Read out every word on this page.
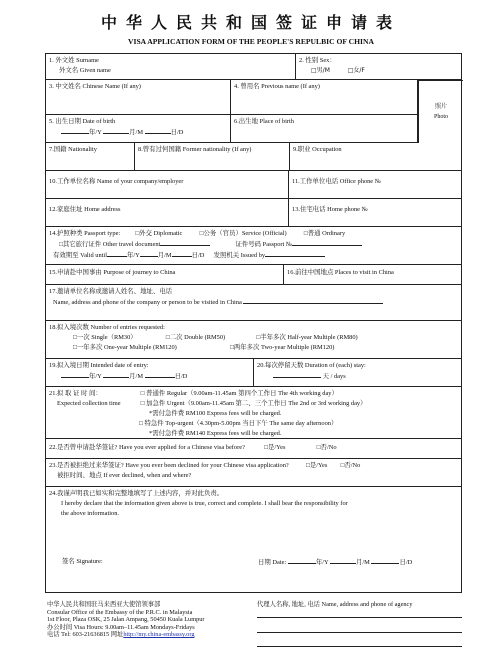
中华人民共和国签证申请表
VISA APPLICATION FORM OF THE PEOPLE'S REPULBIC OF CHINA
1. 外文姓 Surname
外文名 Given name
2. 性别 Sex：
□男/M	□女/F
3. 中文姓名 Chinese Name (If any)	4. 曾用名 Previous name (If any)
5. 出生日期 Date of birth
年/Y	月/M	日/D
6.出生地 Place of birth
照片
Photo
7.国籍 Nationality	8.曾有过何国籍 Former nationality (If any)	9.职业 Occupation
10.工作单位名称 Name of your company/employer	11.工作单位电话 Office phone №
12.家庭住址 Home address	13.住宅电话 Home phone №
14.护照种类 Passport type: □外交 Diplomatic	□公务（官员）Service (Official)	□普通 Ordinary
□其它旅行证件 Other travel document	证件号码 Passport №
有效期至 Valid until	年/Y	月/M	日/D 发照机关 Issued by
15.申请赴中国事由 Purpose of journey to China	16.前往中国地点 Places to visit in China
17.邀请单位名称或邀请人姓名、地址、电话
Name, address and phone of the company or person to be visited in China
18.拟入境次数 Number of entries requested:
□一次 Single（RM30）	□二次 Double (RM50)	□半年多次 Half-year Multiple (RM80)
□一年多次 One-year Multiple (RM120)	□两年多次 Two-year Multiple (RM120)
19.拟入境日期 Intended date of entry:
年/Y	月/M	日/D
20.每次停留天数 Duration of (each) stay:
天 / days
21.拟 取 证 时 间：	□ 普通件 Regular（9.00am-11.45am 第四个工作日 The 4th working day）
Expected collection time	□ 加急件 Urgent（9.00am-11.45am 第二、三个工作日 The 2nd or 3rd working day）
*需付急件费 RM100 Express fees will be charged.
□ 特急件 Top-urgent（4.30pm-5.00pm 当日下午 The same day afternoon）
*需付急件费 RM140 Express fees will be charged.
22.是否曾申请赴华签证? Have you ever applied for a Chinese visa before?	□是/Yes	□否/No
23.是否被拒绝过来华签证? Have you ever been declined for your Chinese visa application?	□是/Yes □否/No
被拒时间、地点 If ever declined, when and where?
24.我谨声明我已如实和完整地填写了上述内容，并对此负责。
I hereby declare that the information given above is true, correct and complete. I shall bear the responsibility for
the above information.
签名 Signature:	日期 Date:	年/Y	月/M	日/D
中华人民共和国驻马来西亚大使馆领事部
Consular Office of the Embassy of the P.R.C. in Malaysia
1st Floor, Plaza OSK, 25 Jalan Ampang, 50450 Kuala Lumpur
办公时间 Visa Hours: 9.00am–11.45am Mondays-Fridays
电话 Tel: 603-21636815 网址http://my.china-embassy.org
代理人名称, 地址, 电话 Name, address and phone of agency
